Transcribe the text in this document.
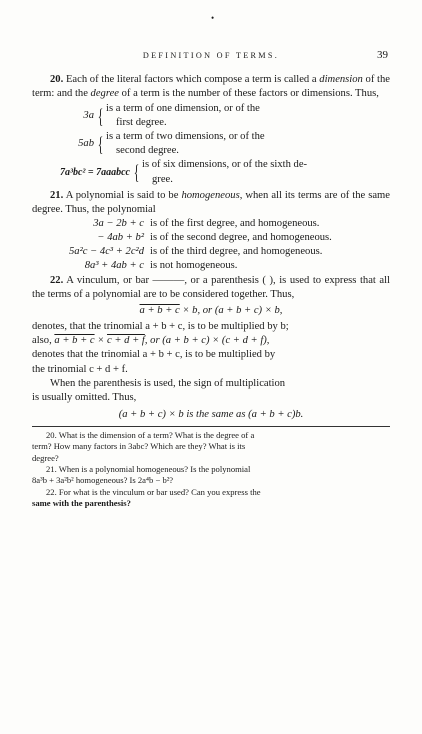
•
DEFINITION OF TERMS.	39

20. Each of the literal factors which compose a term is called a dimension of the term: and the degree of a term is the number of these factors or dimensions. Thus,

3a { is a term of one dimension, or of the
first degree.
5ab { is a term of two dimensions, or of the
second degree.
7a³bc² = 7aaabcc { is of six dimensions, or of the sixth de-
gree.

21. A polynomial is said to be homogeneous, when all its terms are of the same degree. Thus, the polynomial

3a − 2b + c is of the first degree, and homogeneous.
− 4ab + b² is of the second degree, and homogeneous.
5a²c − 4c³ + 2c²d is of the third degree, and homogeneous.
8a³ + 4ab + c is not homogeneous.

22. A vinculum, or bar ———, or a parenthesis ( ), is used to express that all the terms of a polynomial are to be considered together. Thus,

a + b + c × b, or (a + b + c) × b,

denotes, that the trinomial a + b + c, is to be multiplied by b;

also, a + b + c × c + d + f, or (a + b + c) × (c + d + f),

denotes that the trinomial a + b + c, is to be multiplied by

the trinomial c + d + f.

When the parenthesis is used, the sign of multiplication

is usually omitted. Thus,

(a + b + c) × b is the same as (a + b + c)b.

20. What is the dimension of a term? What is the degree of a

term? How many factors in 3abc? Which are they? What is its
degree?

21. When is a polynomial homogeneous? Is the polynomial

8a³b + 3a²b² homogeneous? Is 2a⁴b − b²?

22. For what is the vinculum or bar used? Can you express the

same with the parenthesis?
